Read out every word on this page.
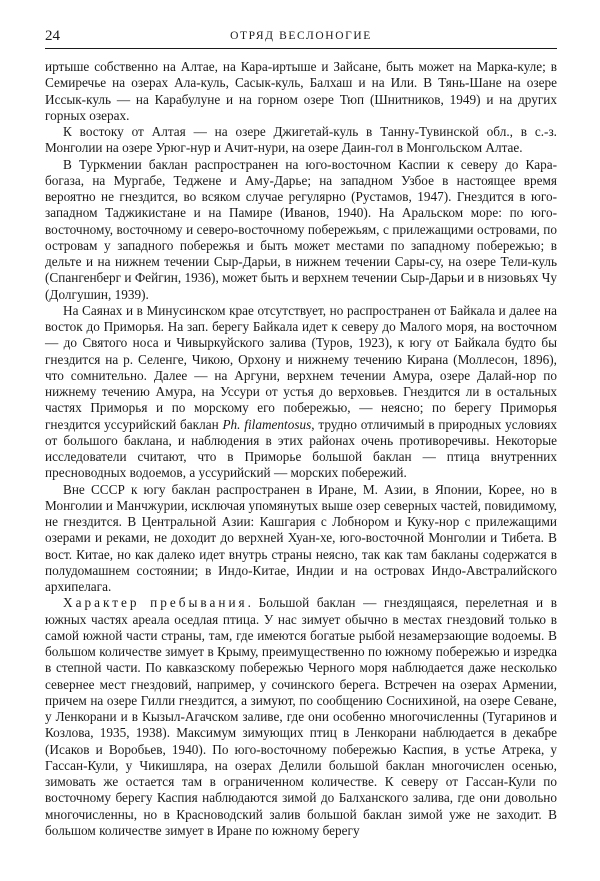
24	ОТРЯД ВЕСЛОНОГИЕ

иртыше собственно на Алтае, на Кара-иртыше и Зайсане, быть может на Марка-куле; в Семиречье на озерах Ала-куль, Сасык-куль, Балхаш и на Или. В Тянь-Шане на озере Иссык-куль — на Карабулуне и на горном озере Тюп (Шнитников, 1949) и на других горных озерах.

К востоку от Алтая — на озере Джигетай-куль в Танну-Тувинской обл., в с.-з. Монголии на озере Урюг-нур и Ачит-нури, на озере Даин-гол в Монгольском Алтае.

В Туркмении баклан распространен на юго-восточном Каспии к северу до Кара-богаза, на Мургабе, Теджене и Аму-Дарье; на западном Узбое в настоящее время вероятно не гнездится, во всяком случае регулярно (Рустамов, 1947). Гнездится в юго-западном Таджикистане и на Памире (Иванов, 1940). На Аральском море: по юго-восточному, восточному и северо-восточному побережьям, с прилежащими островами, по островам у западного побережья и быть может местами по западному побережью; в дельте и на нижнем течении Сыр-Дарьи, в нижнем течении Сары-су, на озере Тели-куль (Спангенберг и Фейгин, 1936), может быть и верхнем течении Сыр-Дарьи и в низовьях Чу (Долгушин, 1939).

На Саянах и в Минусинском крае отсутствует, но распространен от Байкала и далее на восток до Приморья. На зап. берегу Байкала идет к северу до Малого моря, на восточном — до Святого носа и Чивыркуйского залива (Туров, 1923), к югу от Байкала будто бы гнездится на р. Селенге, Чикою, Орхону и нижнему течению Кирана (Моллесон, 1896), что сомнительно. Далее — на Аргуни, верхнем течении Амура, озере Далай-нор по нижнему течению Амура, на Уссури от устья до верховьев. Гнездится ли в остальных частях Приморья и по морскому его побережью, — неясно; по берегу Приморья гнездится уссурийский баклан Ph. filamentosus, трудно отличимый в природных условиях от большого баклана, и наблюдения в этих районах очень противоречивы. Некоторые исследователи считают, что в Приморье большой баклан — птица внутренних пресноводных водоемов, а уссурийский — морских побережий.

Вне СССР к югу баклан распространен в Иране, М. Азии, в Японии, Корее, но в Монголии и Манчжурии, исключая упомянутых выше озер северных частей, повидимому, не гнездится. В Центральной Азии: Кашгария с Лобнором и Куку-нор с прилежащими озерами и реками, не доходит до верхней Хуан-хе, юго-восточной Монголии и Тибета. В вост. Китае, но как далеко идет внутрь страны неясно, так как там бакланы содержатся в полудомашнем состоянии; в Индо-Китае, Индии и на островах Индо-Австралийского архипелага.

Характер пребывания. Большой баклан — гнездящаяся, перелетная и в южных частях ареала оседлая птица. У нас зимует обычно в местах гнездовий только в самой южной части страны, там, где имеются богатые рыбой незамерзающие водоемы. В большом количестве зимует в Крыму, преимущественно по южному побережью и изредка в степной части. По кавказскому побережью Черного моря наблюдается даже несколько севернее мест гнездовий, например, у сочинского берега. Встречен на озерах Армении, причем на озере Гилли гнездится, а зимуют, по сообщению Соснихиной, на озере Севане, у Ленкорани и в Кызыл-Агачском заливе, где они особенно многочисленны (Тугаринов и Козлова, 1935, 1938). Максимум зимующих птиц в Ленкорани наблюдается в декабре (Исаков и Воробьев, 1940). По юго-восточному побережью Каспия, в устье Атрека, у Гассан-Кули, у Чикишляра, на озерах Делили большой баклан многочислен осенью, зимовать же остается там в ограниченном количестве. К северу от Гассан-Кули по восточному берегу Каспия наблюдаются зимой до Балханского залива, где они довольно многочисленны, но в Красноводский залив большой баклан зимой уже не заходит. В большом количестве зимует в Иране по южному берегу
